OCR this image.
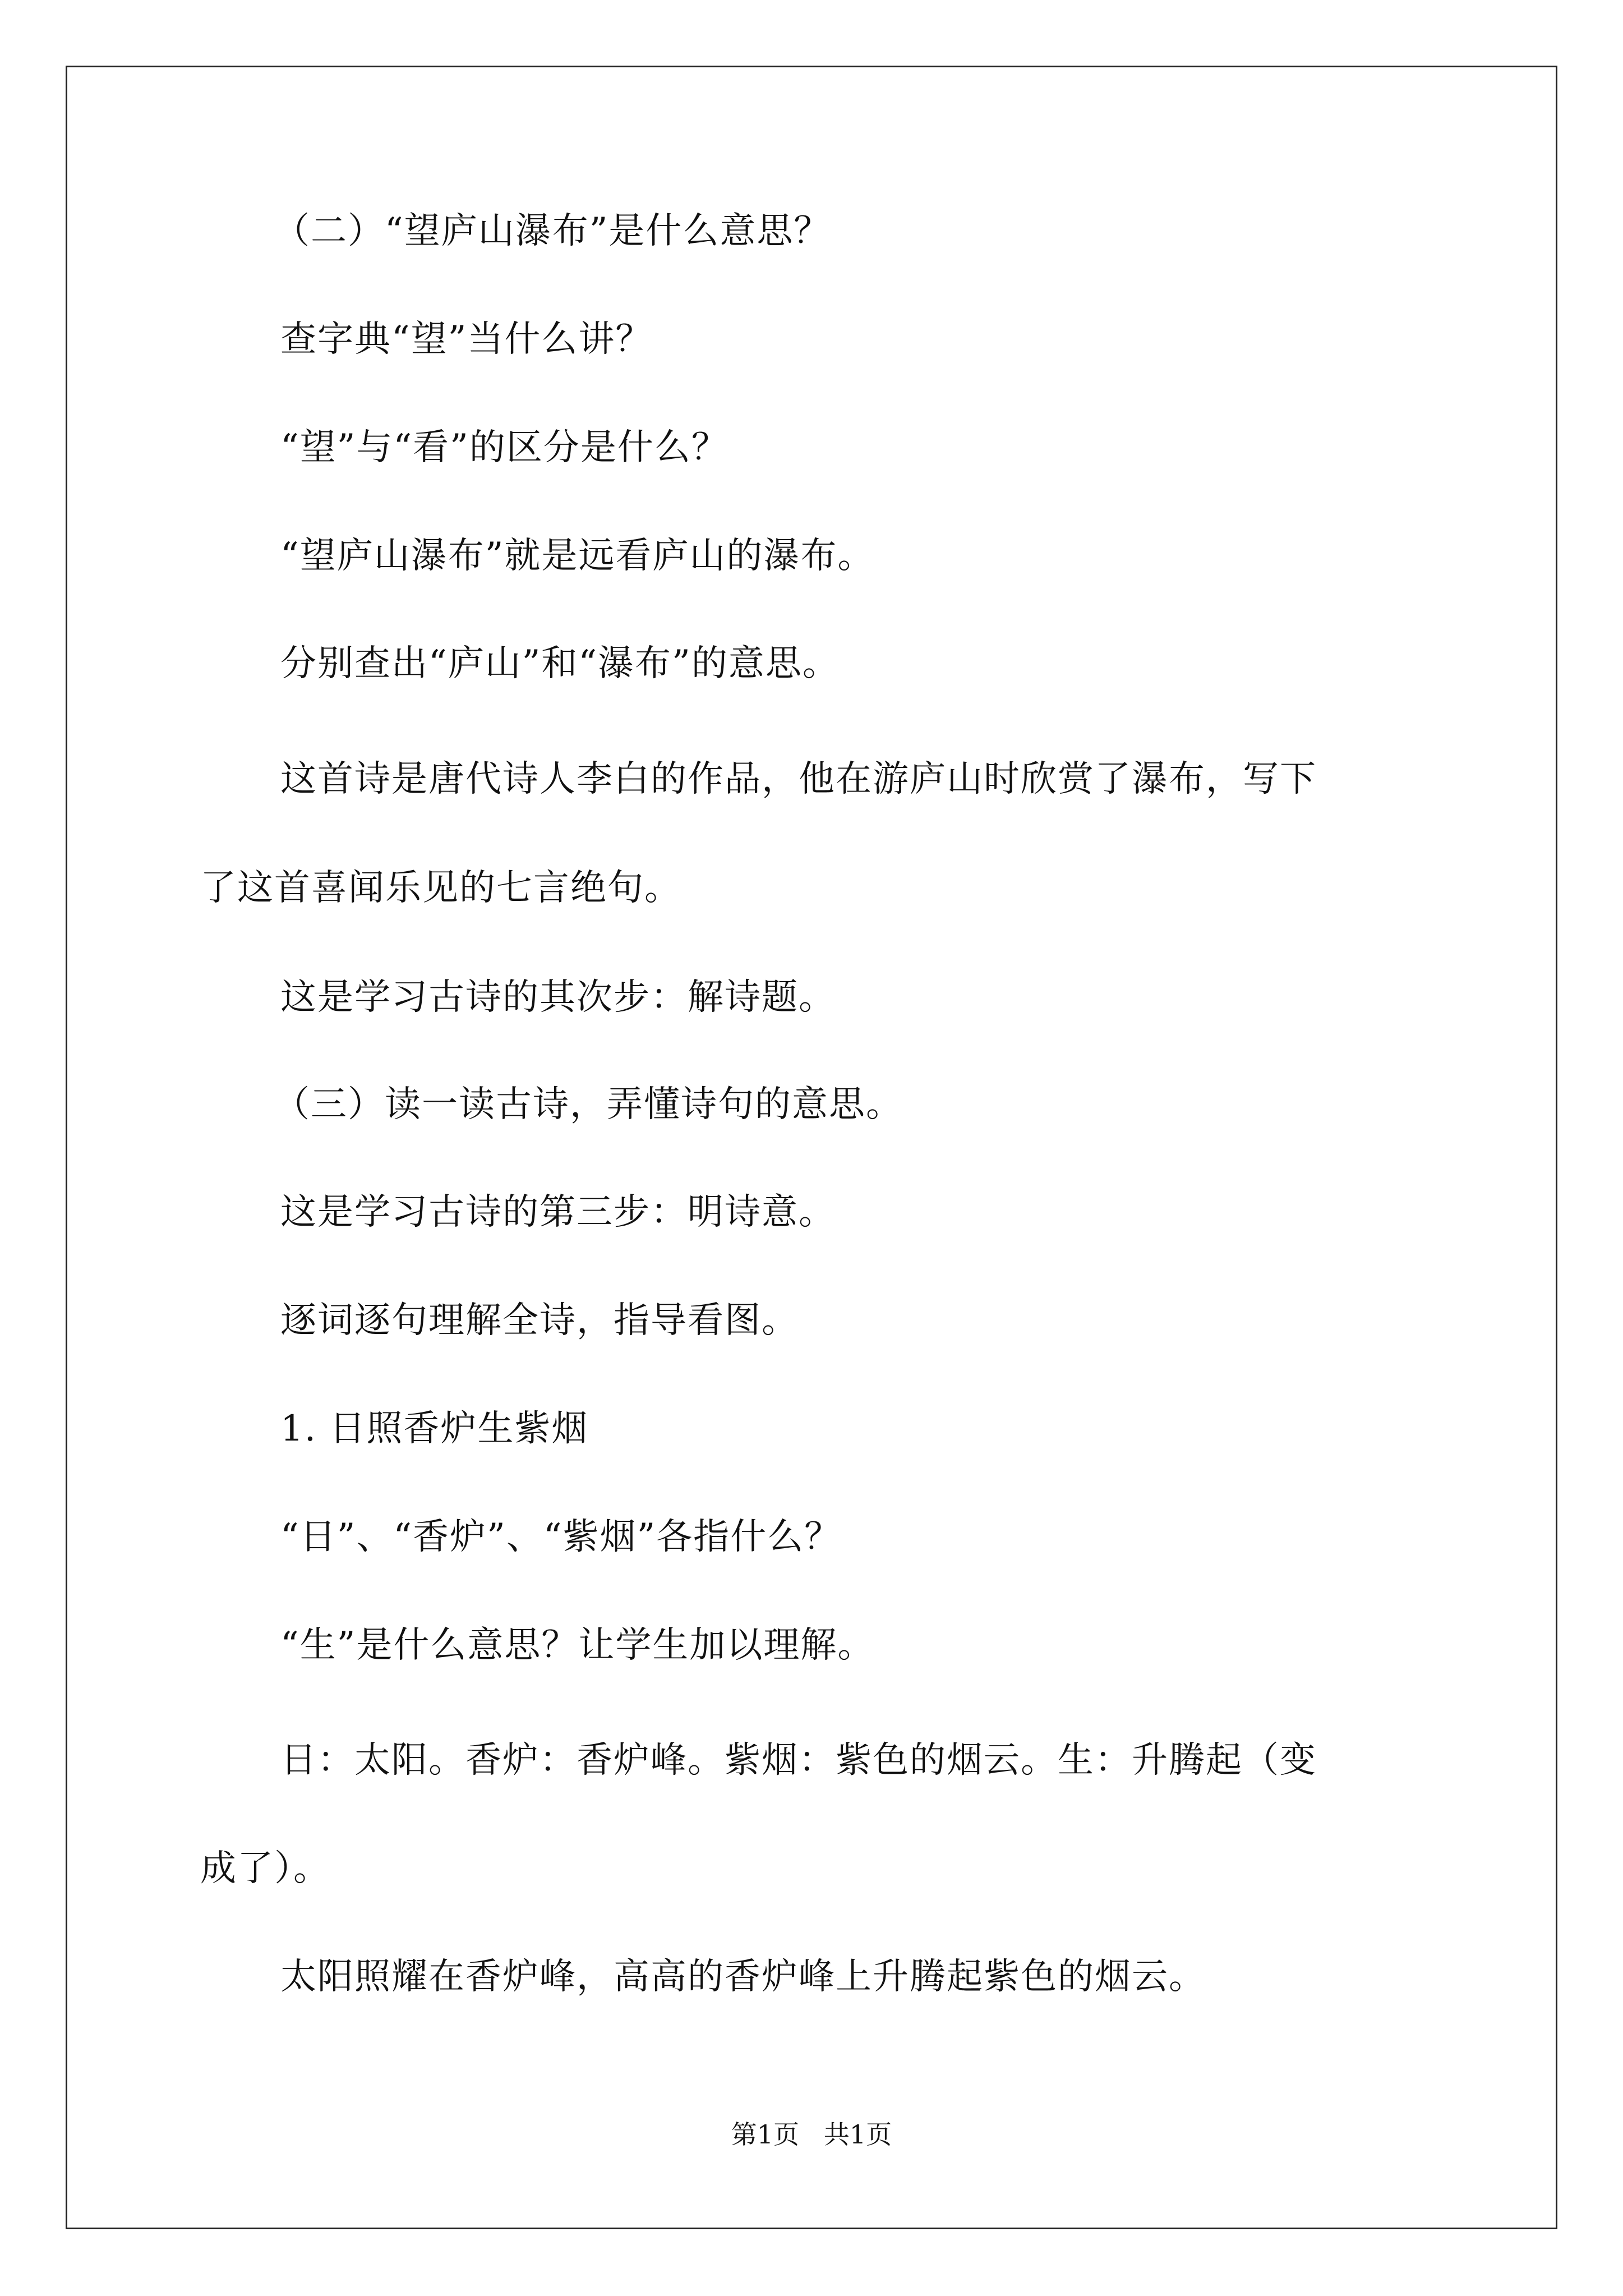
（二）“望庐山瀑布”是什么意思？
查字典“望”当什么讲？
“望”与“看”的区分是什么？
“望庐山瀑布”就是远看庐山的瀑布。
分别查出“庐山”和“瀑布”的意思。
这首诗是唐代诗人李白的作品，他在游庐山时欣赏了瀑布，写下
了这首喜闻乐见的七言绝句。
这是学习古诗的其次步：解诗题。
（三）读一读古诗，弄懂诗句的意思。
这是学习古诗的第三步：明诗意。
逐词逐句理解全诗，指导看图。
1. 日照香炉生紫烟
“日”、“香炉”、“紫烟”各指什么？
“生”是什么意思？让学生加以理解。
日：太阳。香炉：香炉峰。紫烟：紫色的烟云。生：升腾起（变
成了）。
太阳照耀在香炉峰，高高的香炉峰上升腾起紫色的烟云。
第1页   共1页
